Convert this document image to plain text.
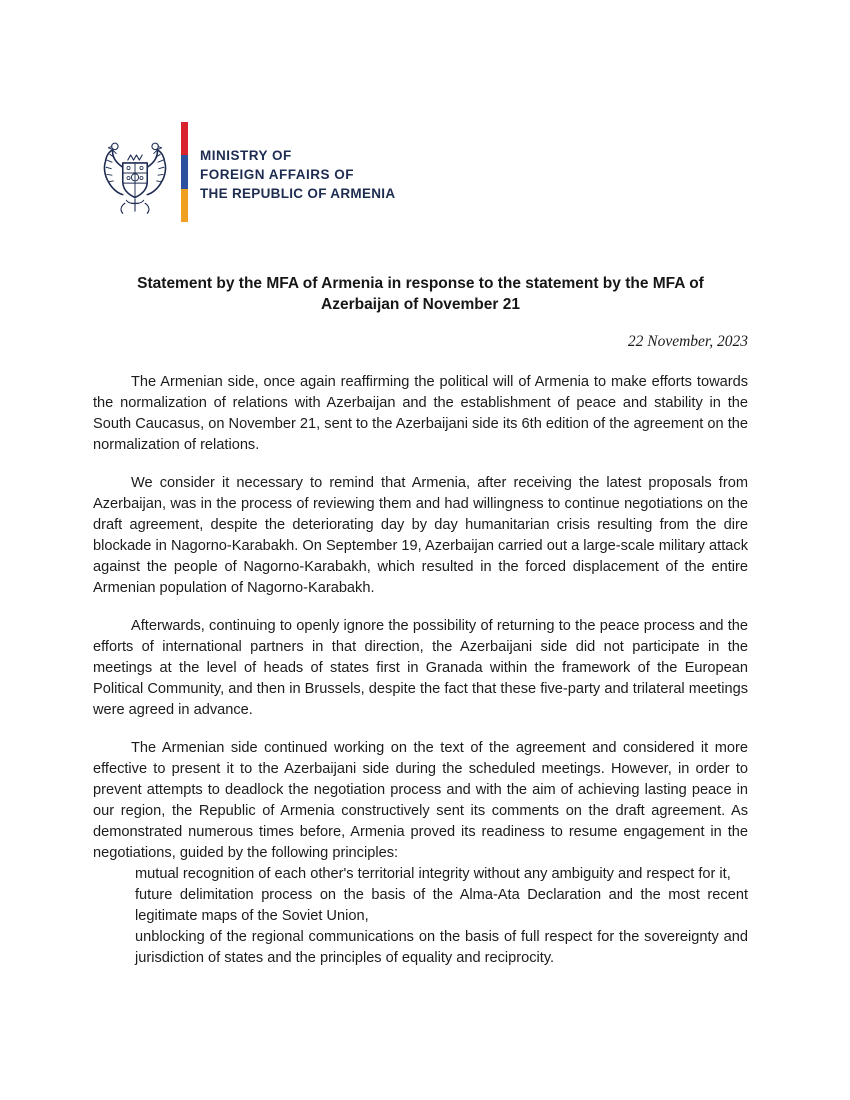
MINISTRY OF
FOREIGN AFFAIRS OF
THE REPUBLIC OF ARMENIA
Statement by the MFA of Armenia in response to the statement by the MFA of
Azerbaijan of November 21
22 November, 2023

The Armenian side, once again reaffirming the political will of Armenia to make efforts towards the normalization of relations with Azerbaijan and the establishment of peace and stability in the South Caucasus, on November 21, sent to the Azerbaijani side its 6th edition of the agreement on the normalization of relations.

We consider it necessary to remind that Armenia, after receiving the latest proposals from Azerbaijan, was in the process of reviewing them and had willingness to continue negotiations on the draft agreement, despite the deteriorating day by day humanitarian crisis resulting from the dire blockade in Nagorno-Karabakh. On September 19, Azerbaijan carried out a large-scale military attack against the people of Nagorno-Karabakh, which resulted in the forced displacement of the entire Armenian population of Nagorno-Karabakh.

Afterwards, continuing to openly ignore the possibility of returning to the peace process and the efforts of international partners in that direction, the Azerbaijani side did not participate in the meetings at the level of heads of states first in Granada within the framework of the European Political Community, and then in Brussels, despite the fact that these five-party and trilateral meetings were agreed in advance.

The Armenian side continued working on the text of the agreement and considered it more effective to present it to the Azerbaijani side during the scheduled meetings. However, in order to prevent attempts to deadlock the negotiation process and with the aim of achieving lasting peace in our region, the Republic of Armenia constructively sent its comments on the draft agreement. As demonstrated numerous times before, Armenia proved its readiness to resume engagement in the negotiations, guided by the following principles:

mutual recognition of each other's territorial integrity without any ambiguity and respect for it,
future delimitation process on the basis of the Alma-Ata Declaration and the most recent legitimate maps of the Soviet Union,
unblocking of the regional communications on the basis of full respect for the sovereignty and jurisdiction of states and the principles of equality and reciprocity.
